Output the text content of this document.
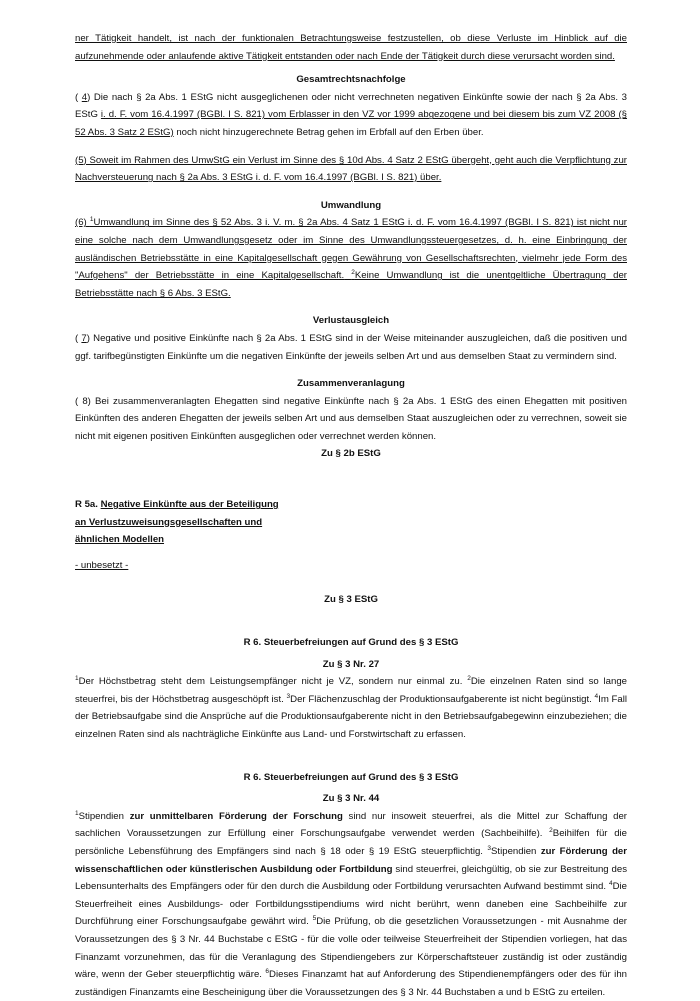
ner Tätigkeit handelt, ist nach der funktionalen Betrachtungsweise festzustellen, ob diese Verluste im Hinblick auf die aufzunehmende oder anlaufende aktive Tätigkeit entstanden oder nach Ende der Tätigkeit durch diese verursacht worden sind.

Gesamtrechtsnachfolge

( 4) Die nach § 2a Abs. 1 EStG nicht ausgeglichenen oder nicht verrechneten negativen Einkünfte sowie der nach § 2a Abs. 3 EStG i. d. F. vom 16.4.1997 (BGBl. I S. 821) vom Erblasser in den VZ vor 1999 abgezogene und bei diesem bis zum VZ 2008 (§ 52 Abs. 3 Satz 2 EStG) noch nicht hinzugerechnete Betrag gehen im Erbfall auf den Erben über.

(5) Soweit im Rahmen des UmwStG ein Verlust im Sinne des § 10d Abs. 4 Satz 2 EStG übergeht, geht auch die Verpflichtung zur Nachversteuerung nach § 2a Abs. 3 EStG i. d. F. vom 16.4.1997 (BGBl. I S. 821) über.

Umwandlung

(6) $^1$Umwandlung im Sinne des § 52 Abs. 3 i. V. m. § 2a Abs. 4 Satz 1 EStG i. d. F. vom 16.4.1997 (BGBl. I S. 821) ist nicht nur eine solche nach dem Umwandlungsgesetz oder im Sinne des Umwandlungssteuergesetzes, d. h. eine Einbringung der ausländischen Betriebsstätte in eine Kapitalgesellschaft gegen Gewährung von Gesellschaftsrechten, vielmehr jede Form des "Aufgehens" der Betriebsstätte in eine Kapitalgesellschaft. $^2$Keine Umwandlung ist die unentgeltliche Übertragung der Betriebsstätte nach § 6 Abs. 3 EStG.

Verlustausgleich

( 7) Negative und positive Einkünfte nach § 2a Abs. 1 EStG sind in der Weise miteinander auszugleichen, daß die positiven und ggf. tarifbegünstigten Einkünfte um die negativen Einkünfte der jeweils selben Art und aus demselben Staat zu vermindern sind.

Zusammenveranlagung

( 8) Bei zusammenveranlagten Ehegatten sind negative Einkünfte nach § 2a Abs. 1 EStG des einen Ehegatten mit positiven Einkünften des anderen Ehegatten der jeweils selben Art und aus demselben Staat auszugleichen oder zu verrechnen, soweit sie nicht mit eigenen positiven Einkünften ausgeglichen oder verrechnet werden können.

Zu § 2b EStG

R 5a. Negative Einkünfte aus der Beteiligung

an Verlustzuweisungsgesellschaften und

ähnlichen Modellen

- unbesetzt -

Zu § 3 EStG

R 6. Steuerbefreiungen auf Grund des § 3 EStG

Zu § 3 Nr. 27

$^1$Der Höchstbetrag steht dem Leistungsempfänger nicht je VZ, sondern nur einmal zu. $^2$Die einzelnen Raten sind so lange steuerfrei, bis der Höchstbetrag ausgeschöpft ist. $^3$Der Flächenzuschlag der Produktionsaufgaberente ist nicht begünstigt. $^4$Im Fall der Betriebsaufgabe sind die Ansprüche auf die Produktionsaufgaberente nicht in den Betriebsaufgabegewinn einzubeziehen; die einzelnen Raten sind als nachträgliche Einkünfte aus Land- und Forstwirtschaft zu erfassen.

R 6. Steuerbefreiungen auf Grund des § 3 EStG

Zu § 3 Nr. 44

$^1$Stipendien zur unmittelbaren Förderung der Forschung sind nur insoweit steuerfrei, als die Mittel zur Schaffung der sachlichen Voraussetzungen zur Erfüllung einer Forschungsaufgabe verwendet werden (Sachbeihilfe). $^2$Beihilfen für die persönliche Lebensführung des Empfängers sind nach § 18 oder § 19 EStG steuerpflichtig. $^3$Stipendien zur Förderung der wissenschaftlichen oder künstlerischen Ausbildung oder Fortbildung sind steuerfrei, gleichgültig, ob sie zur Bestreitung des Lebensunterhalts des Empfängers oder für den durch die Ausbildung oder Fortbildung verursachten Aufwand bestimmt sind. $^4$Die Steuerfreiheit eines Ausbildungs- oder Fortbildungsstipendiums wird nicht berührt, wenn daneben eine Sachbeihilfe zur Durchführung einer Forschungsaufgabe gewährt wird. $^5$Die Prüfung, ob die gesetzlichen Voraussetzungen - mit Ausnahme der Voraussetzungen des § 3 Nr. 44 Buchstabe c EStG - für die volle oder teilweise Steuerfreiheit der Stipendien vorliegen, hat das Finanzamt vorzunehmen, das für die Veranlagung des Stipendiengebers zur Körperschaftsteuer zuständig ist oder zuständig wäre, wenn der Geber steuerpflichtig wäre. $^6$Dieses Finanzamt hat auf Anforderung des Stipendienempfängers oder des für ihn zuständigen Finanzamts eine Bescheinigung über die Voraussetzungen des § 3 Nr. 44 Buchstaben a und b EStG zu erteilen.
